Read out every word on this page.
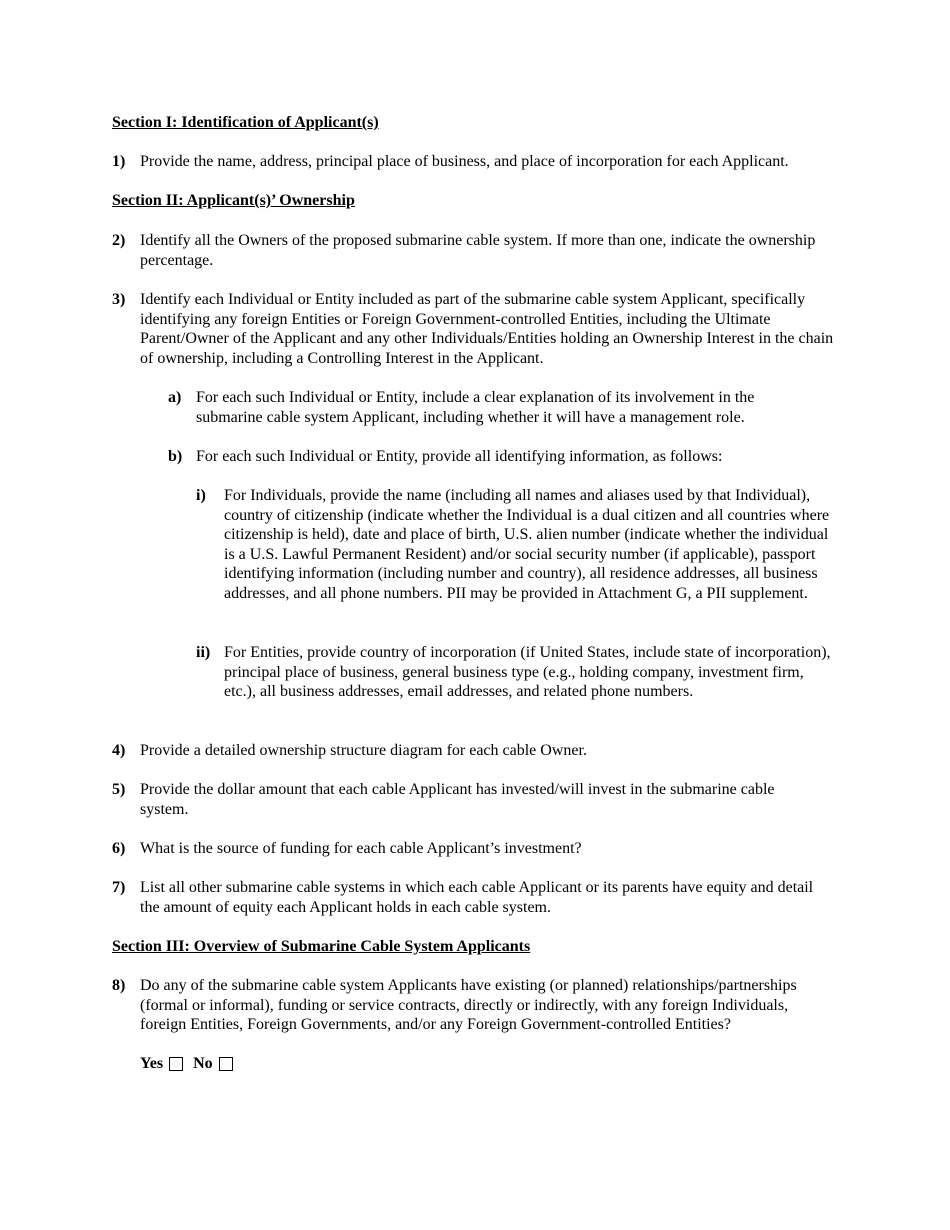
Section I: Identification of Applicant(s)
1) Provide the name, address, principal place of business, and place of incorporation for each Applicant.
Section II: Applicant(s)’ Ownership
2) Identify all the Owners of the proposed submarine cable system. If more than one, indicate the ownership percentage.
3) Identify each Individual or Entity included as part of the submarine cable system Applicant, specifically identifying any foreign Entities or Foreign Government-controlled Entities, including the Ultimate Parent/Owner of the Applicant and any other Individuals/Entities holding an Ownership Interest in the chain of ownership, including a Controlling Interest in the Applicant.
a) For each such Individual or Entity, include a clear explanation of its involvement in the submarine cable system Applicant, including whether it will have a management role.
b) For each such Individual or Entity, provide all identifying information, as follows:
i) For Individuals, provide the name (including all names and aliases used by that Individual), country of citizenship (indicate whether the Individual is a dual citizen and all countries where citizenship is held), date and place of birth, U.S. alien number (indicate whether the individual is a U.S. Lawful Permanent Resident) and/or social security number (if applicable), passport identifying information (including number and country), all residence addresses, all business addresses, and all phone numbers. PII may be provided in Attachment G, a PII supplement.
ii) For Entities, provide country of incorporation (if United States, include state of incorporation), principal place of business, general business type (e.g., holding company, investment firm, etc.), all business addresses, email addresses, and related phone numbers.
4) Provide a detailed ownership structure diagram for each cable Owner.
5) Provide the dollar amount that each cable Applicant has invested/will invest in the submarine cable system.
6) What is the source of funding for each cable Applicant’s investment?
7) List all other submarine cable systems in which each cable Applicant or its parents have equity and detail the amount of equity each Applicant holds in each cable system.
Section III: Overview of Submarine Cable System Applicants
8) Do any of the submarine cable system Applicants have existing (or planned) relationships/partnerships (formal or informal), funding or service contracts, directly or indirectly, with any foreign Individuals, foreign Entities, Foreign Governments, and/or any Foreign Government-controlled Entities?
Yes No
